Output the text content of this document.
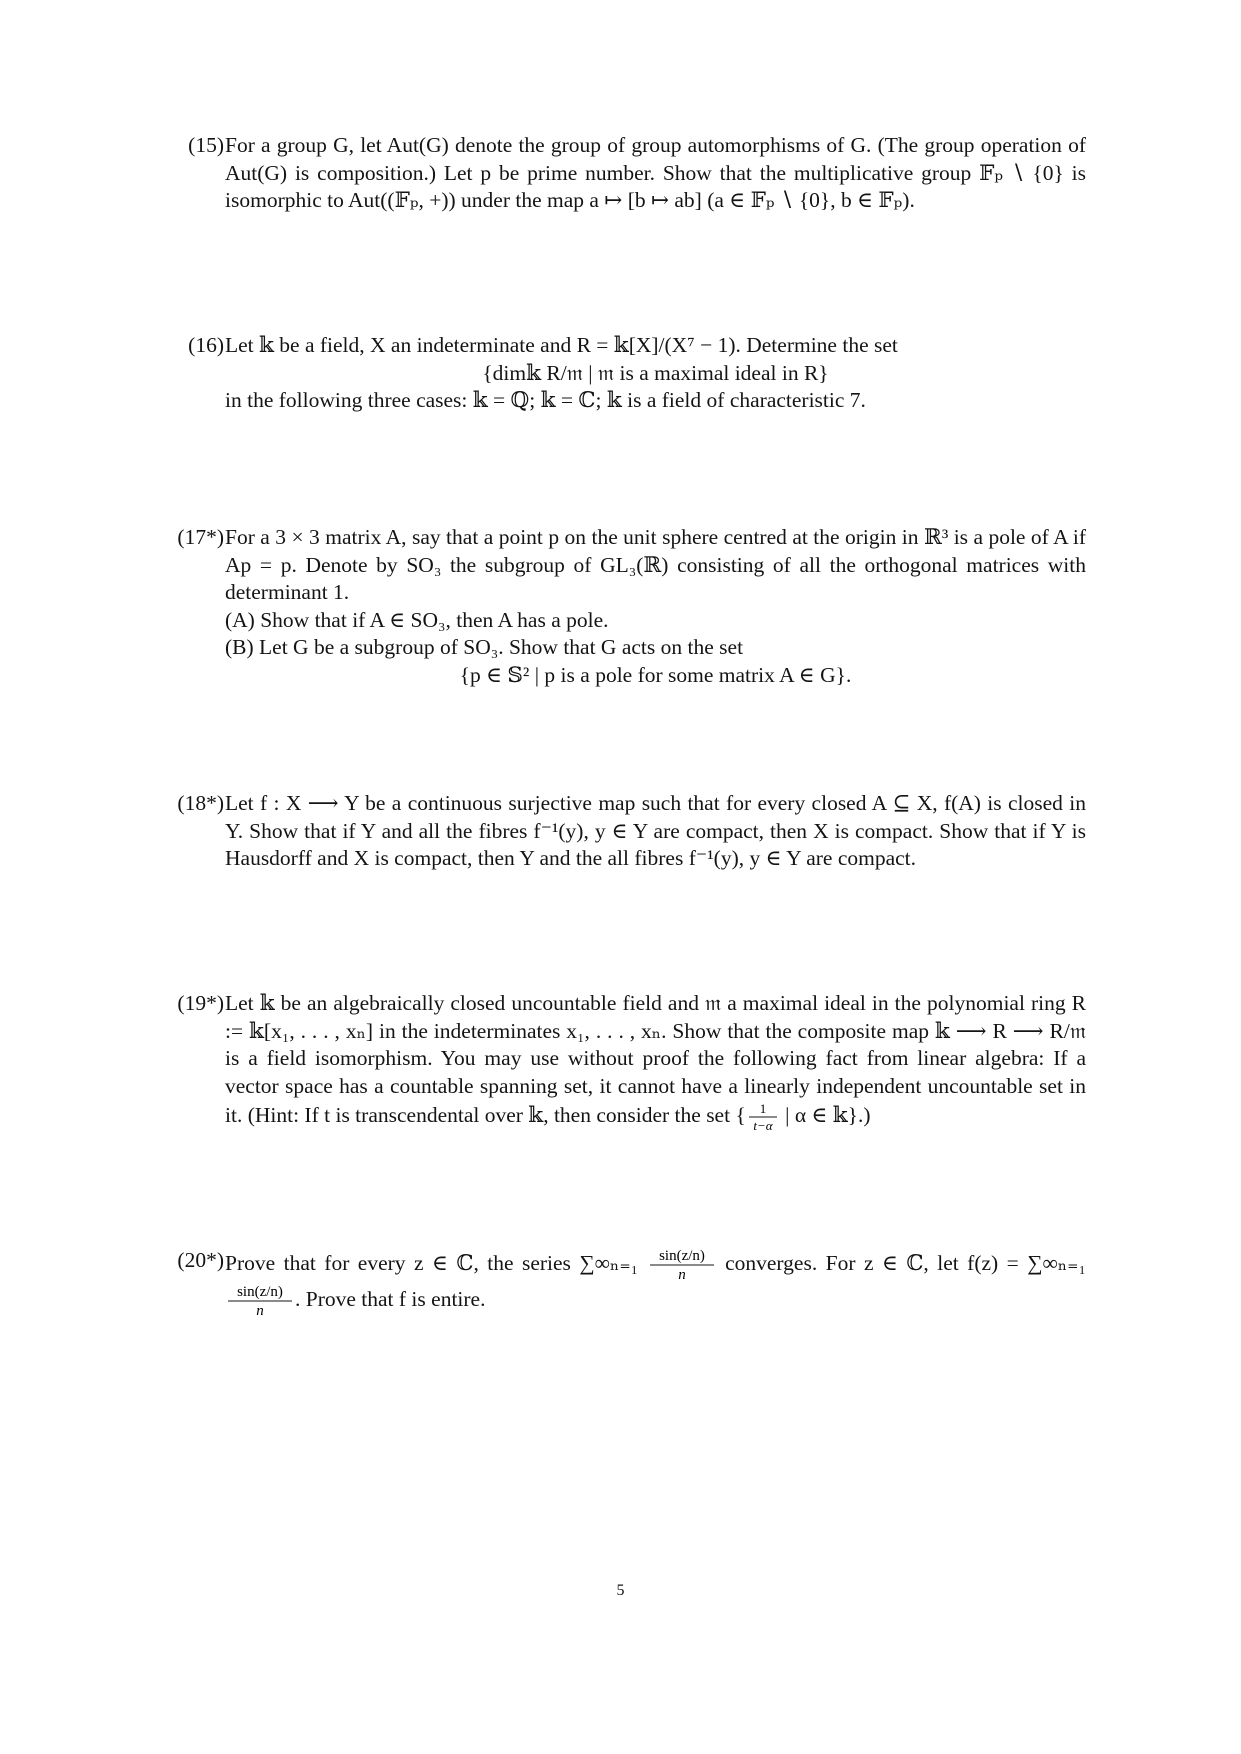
(15) For a group G, let Aut(G) denote the group of group automorphisms of G. (The group operation of Aut(G) is composition.) Let p be prime number. Show that the multiplicative group 𝔽ₚ ∖ {0} is isomorphic to Aut((𝔽ₚ, +)) under the map a ↦ [b ↦ ab] (a ∈ 𝔽ₚ ∖ {0}, b ∈ 𝔽ₚ).

(16) Let 𝕜 be a field, X an indeterminate and R = 𝕜[X]/(X⁷ − 1). Determine the set

{dim𝕜 R/𝔪 | 𝔪 is a maximal ideal in R}

in the following three cases: 𝕜 = ℚ; 𝕜 = ℂ; 𝕜 is a field of characteristic 7.

(17*) For a 3 × 3 matrix A, say that a point p on the unit sphere centred at the origin in ℝ³ is a pole of A if Ap = p. Denote by SO₃ the subgroup of GL₃(ℝ) consisting of all the orthogonal matrices with determinant 1.

(A) Show that if A ∈ SO₃, then A has a pole.

(B) Let G be a subgroup of SO₃. Show that G acts on the set

{p ∈ 𝕊² | p is a pole for some matrix A ∈ G}.

(18*) Let f : X ⟶ Y be a continuous surjective map such that for every closed A ⊆ X, f(A) is closed in Y. Show that if Y and all the fibres f⁻¹(y), y ∈ Y are compact, then X is compact. Show that if Y is Hausdorff and X is compact, then Y and the all fibres f⁻¹(y), y ∈ Y are compact.

(19*) Let 𝕜 be an algebraically closed uncountable field and 𝔪 a maximal ideal in the polynomial ring R := 𝕜[x₁, . . . , xₙ] in the indeterminates x₁, . . . , xₙ. Show that the composite map 𝕜 ⟶ R ⟶ R/𝔪 is a field isomorphism. You may use without proof the following fact from linear algebra: If a vector space has a countable spanning set, it cannot have a linearly independent uncountable set in it. (Hint: If t is transcendental over 𝕜, then consider the set { 1
t−α | α ∈ 𝕜}.)

(20*) Prove that for every z ∈ ℂ, the series ∑∞ₙ₌₁ sin(z/n)
n
converges. For z ∈ ℂ, let f(z) = ∑∞ₙ₌₁
sin(z/n)
n
. Prove that f is entire.

5
